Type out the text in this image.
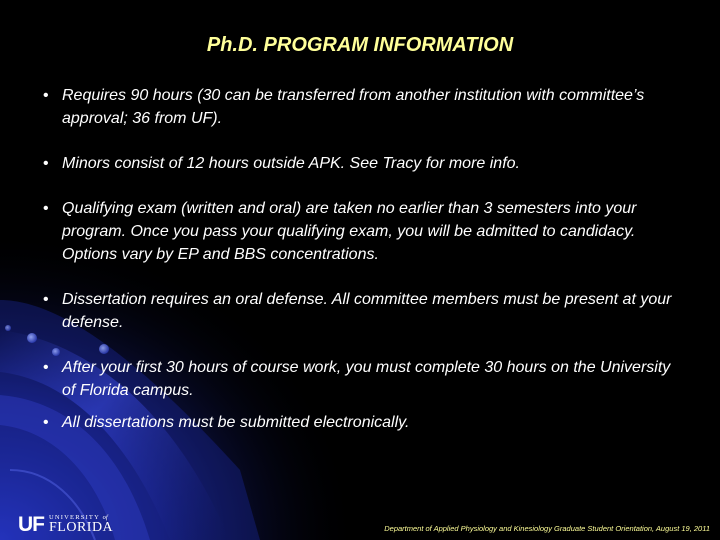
Ph.D. PROGRAM INFORMATION
• Requires 90 hours (30 can be transferred from another institution with committee’s approval; 36 from UF).
• Minors consist of 12 hours outside APK. See Tracy for more info.
• Qualifying exam (written and oral) are taken no earlier than 3 semesters into your program. Once you pass your qualifying exam, you will be admitted to candidacy. Options vary by EP and BBS concentrations.
• Dissertation requires an oral defense. All committee members must be present at your defense.
• After your first 30 hours of course work, you must complete 30 hours on the University of Florida campus.
• All dissertations must be submitted electronically.
UF UNIVERSITY of
FLORIDA	Department of Applied Physiology and Kinesiology Graduate Student Orientation, August 19, 2011
